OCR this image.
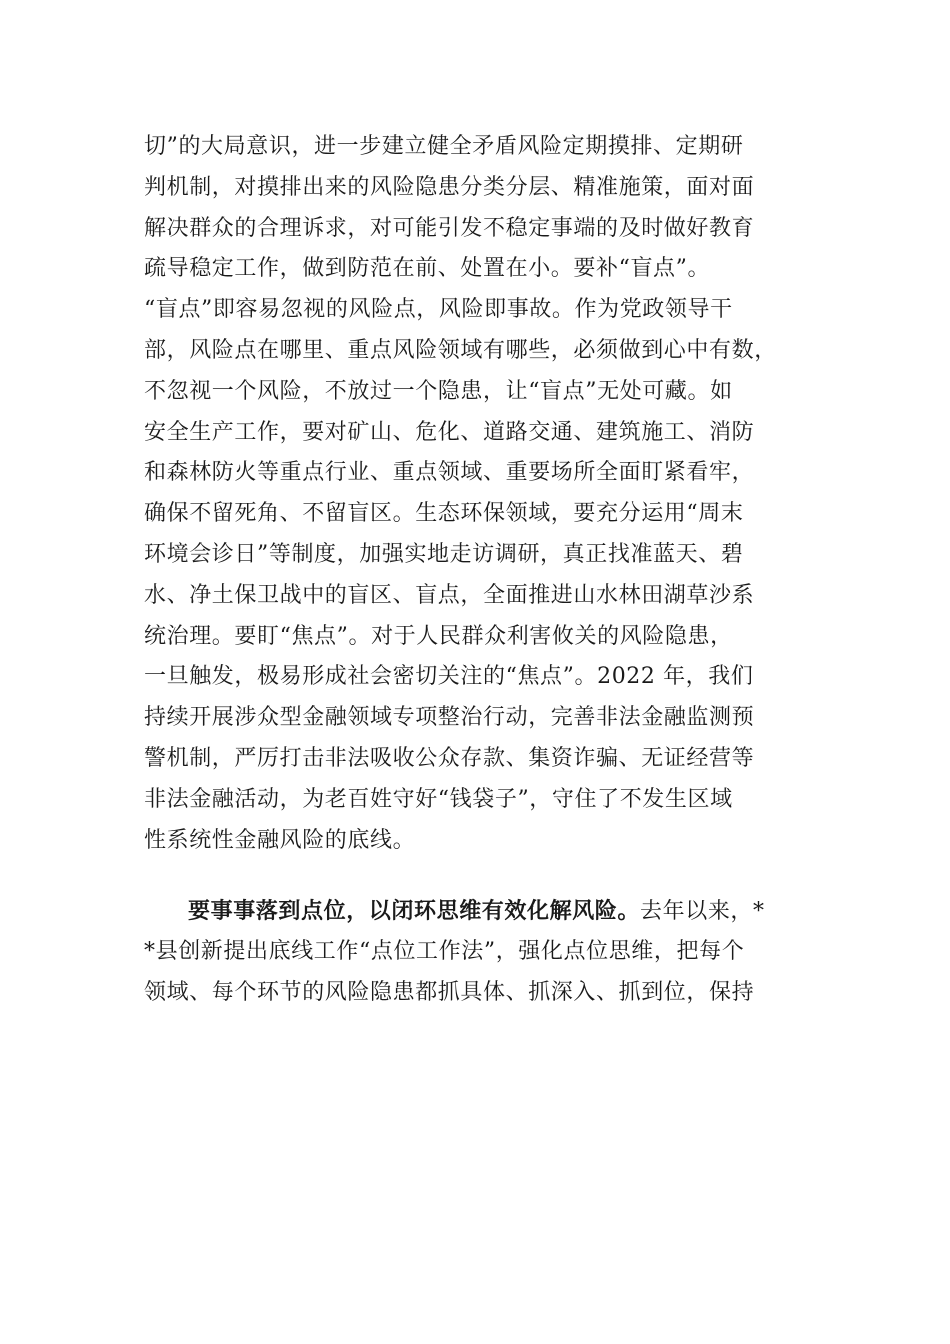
切”的大局意识，进一步建立健全矛盾风险定期摸排、定期研
判机制，对摸排出来的风险隐患分类分层、精准施策，面对面
解决群众的合理诉求，对可能引发不稳定事端的及时做好教育
疏导稳定工作，做到防范在前、处置在小。要补“盲点”。
“盲点”即容易忽视的风险点，风险即事故。作为党政领导干
部，风险点在哪里、重点风险领域有哪些，必须做到心中有数，
不忽视一个风险，不放过一个隐患，让“盲点”无处可藏。如
安全生产工作，要对矿山、危化、道路交通、建筑施工、消防
和森林防火等重点行业、重点领域、重要场所全面盯紧看牢，
确保不留死角、不留盲区。生态环保领域，要充分运用“周末
环境会诊日”等制度，加强实地走访调研，真正找准蓝天、碧
水、净土保卫战中的盲区、盲点，全面推进山水林田湖草沙系
统治理。要盯“焦点”。对于人民群众利害攸关的风险隐患，
一旦触发，极易形成社会密切关注的“焦点”。2022 年，我们
持续开展涉众型金融领域专项整治行动，完善非法金融监测预
警机制，严厉打击非法吸收公众存款、集资诈骗、无证经营等
非法金融活动，为老百姓守好“钱袋子”，守住了不发生区域
性系统性金融风险的底线。
要事事落到点位，以闭环思维有效化解风险。去年以来，*
*县创新提出底线工作“点位工作法”，强化点位思维，把每个
领域、每个环节的风险隐患都抓具体、抓深入、抓到位，保持
